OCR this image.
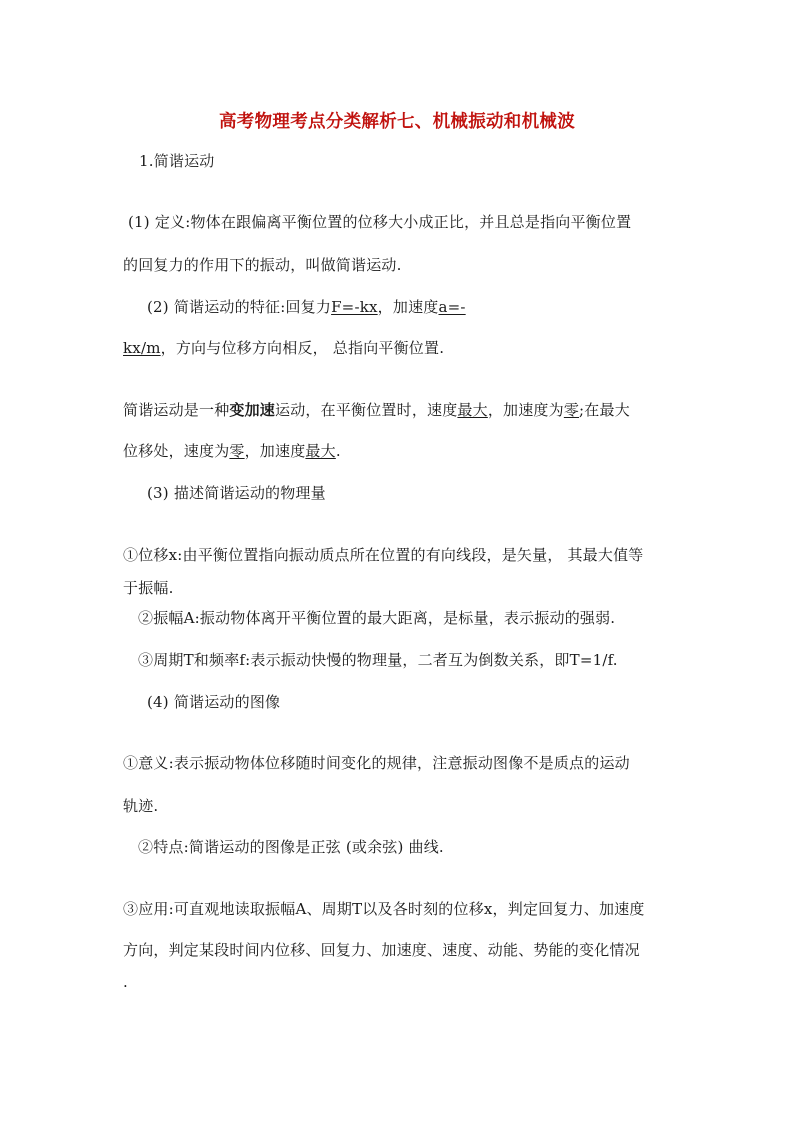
高考物理考点分类解析七、机械振动和机械波
1.简谐运动
(1) 定义:物体在跟偏离平衡位置的位移大小成正比，并且总是指向平衡位置
的回复力的作用下的振动，叫做简谐运动.
(2) 简谐运动的特征:回复力F=-kx，加速度a=-
kx/m，方向与位移方向相反， 总指向平衡位置.
简谐运动是一种变加速运动，在平衡位置时，速度最大，加速度为零;在最大
位移处，速度为零，加速度最大.
(3) 描述简谐运动的物理量
①位移x:由平衡位置指向振动质点所在位置的有向线段，是矢量， 其最大值等
于振幅.
②振幅A:振动物体离开平衡位置的最大距离，是标量，表示振动的强弱.
③周期T和频率f:表示振动快慢的物理量，二者互为倒数关系，即T=1/f.
(4) 简谐运动的图像
①意义:表示振动物体位移随时间变化的规律，注意振动图像不是质点的运动
轨迹.
②特点:简谐运动的图像是正弦 (或余弦) 曲线.
③应用:可直观地读取振幅A、周期T以及各时刻的位移x，判定回复力、加速度
方向，判定某段时间内位移、回复力、加速度、速度、动能、势能的变化情况
.
